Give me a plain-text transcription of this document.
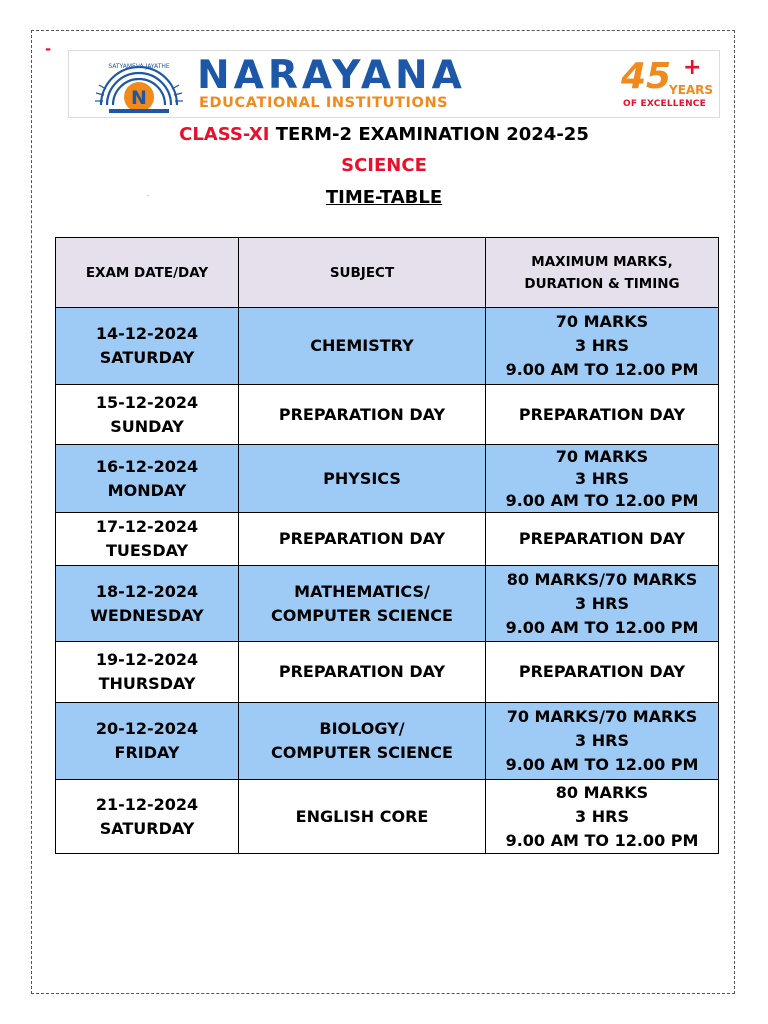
-
N
SATYAMEVA JAYATHE NARAYANA
EDUCATIONAL INSTITUTIONS
45 +
YEARS
OF EXCELLENCE
CLASS-XI TERM-2 EXAMINATION 2024-25
SCIENCE
TIME-TABLE
·
EXAM DATE/DAY	SUBJECT	MAXIMUM MARKS,
DURATION & TIMING

14-12-2024
SATURDAY	CHEMISTRY	70 MARKS
3 HRS
9.00 AM TO 12.00 PM

15-12-2024
SUNDAY	PREPARATION DAY	PREPARATION DAY

16-12-2024
MONDAY	PHYSICS	70 MARKS
3 HRS
9.00 AM TO 12.00 PM

17-12-2024
TUESDAY	PREPARATION DAY	PREPARATION DAY

18-12-2024
WEDNESDAY	MATHEMATICS/
COMPUTER SCIENCE	80 MARKS/70 MARKS
3 HRS
9.00 AM TO 12.00 PM

19-12-2024
THURSDAY	PREPARATION DAY	PREPARATION DAY

20-12-2024
FRIDAY	BIOLOGY/
COMPUTER SCIENCE	70 MARKS/70 MARKS
3 HRS
9.00 AM TO 12.00 PM

21-12-2024
SATURDAY	ENGLISH CORE	80 MARKS
3 HRS
9.00 AM TO 12.00 PM
